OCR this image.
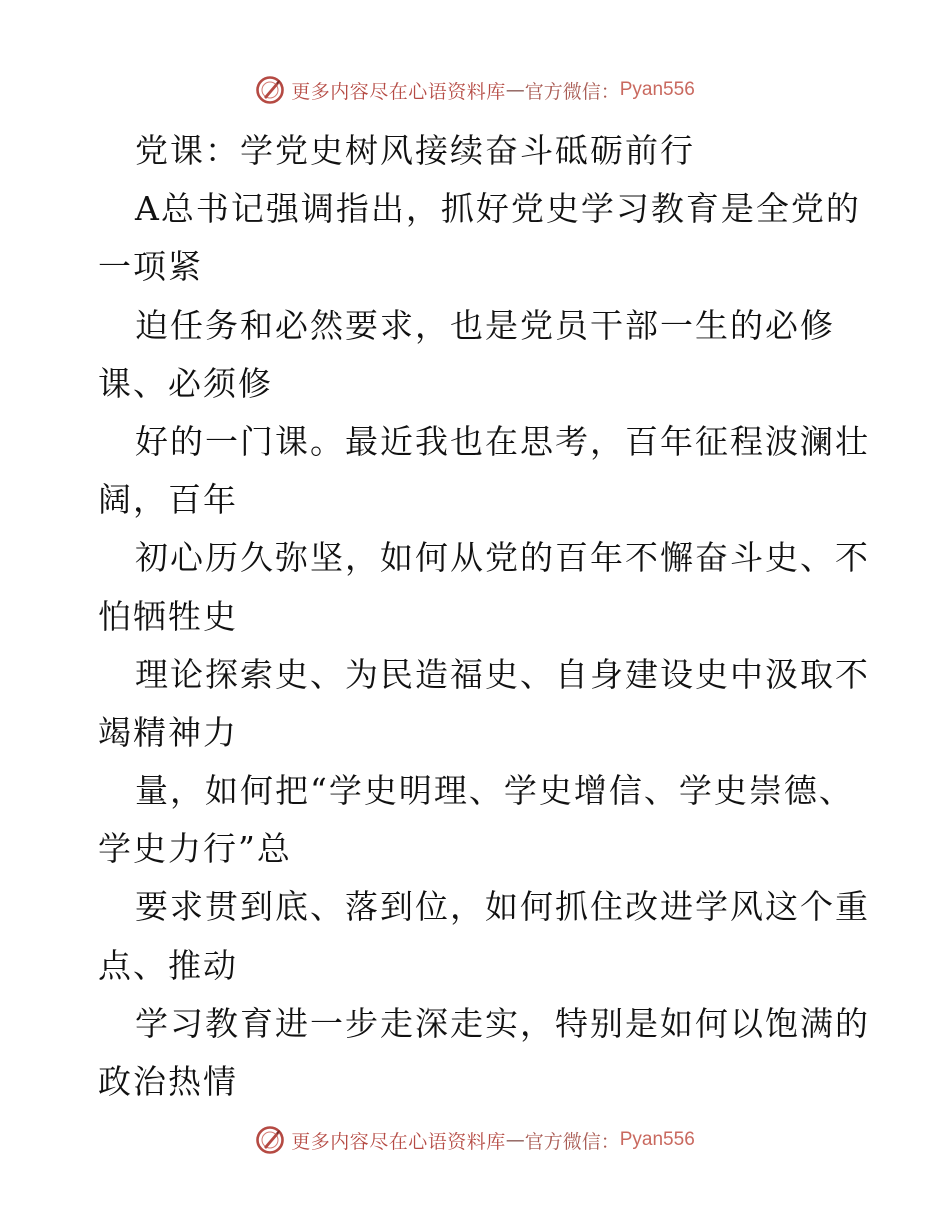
更多内容尽在心语资料库 — 官方微信： Pyan556
党课：学党史树风接续奋斗砥砺前行
A总书记强调指出，抓好党史学习教育是全党的
一项紧
迫任务和必然要求，也是党员干部一生的必修
课、必须修
好的一门课。最近我也在思考，百年征程波澜壮
阔，百年
初心历久弥坚，如何从党的百年不懈奋斗史、不
怕牺牲史
理论探索史、为民造福史、自身建设史中汲取不
竭精神力
量，如何把“学史明理、学史增信、学史崇德、
学史力行”总
要求贯到底、落到位，如何抓住改进学风这个重
点、推动
学习教育进一步走深走实，特别是如何以饱满的
政治热情
更多内容尽在心语资料库 — 官方微信： Pyan556
